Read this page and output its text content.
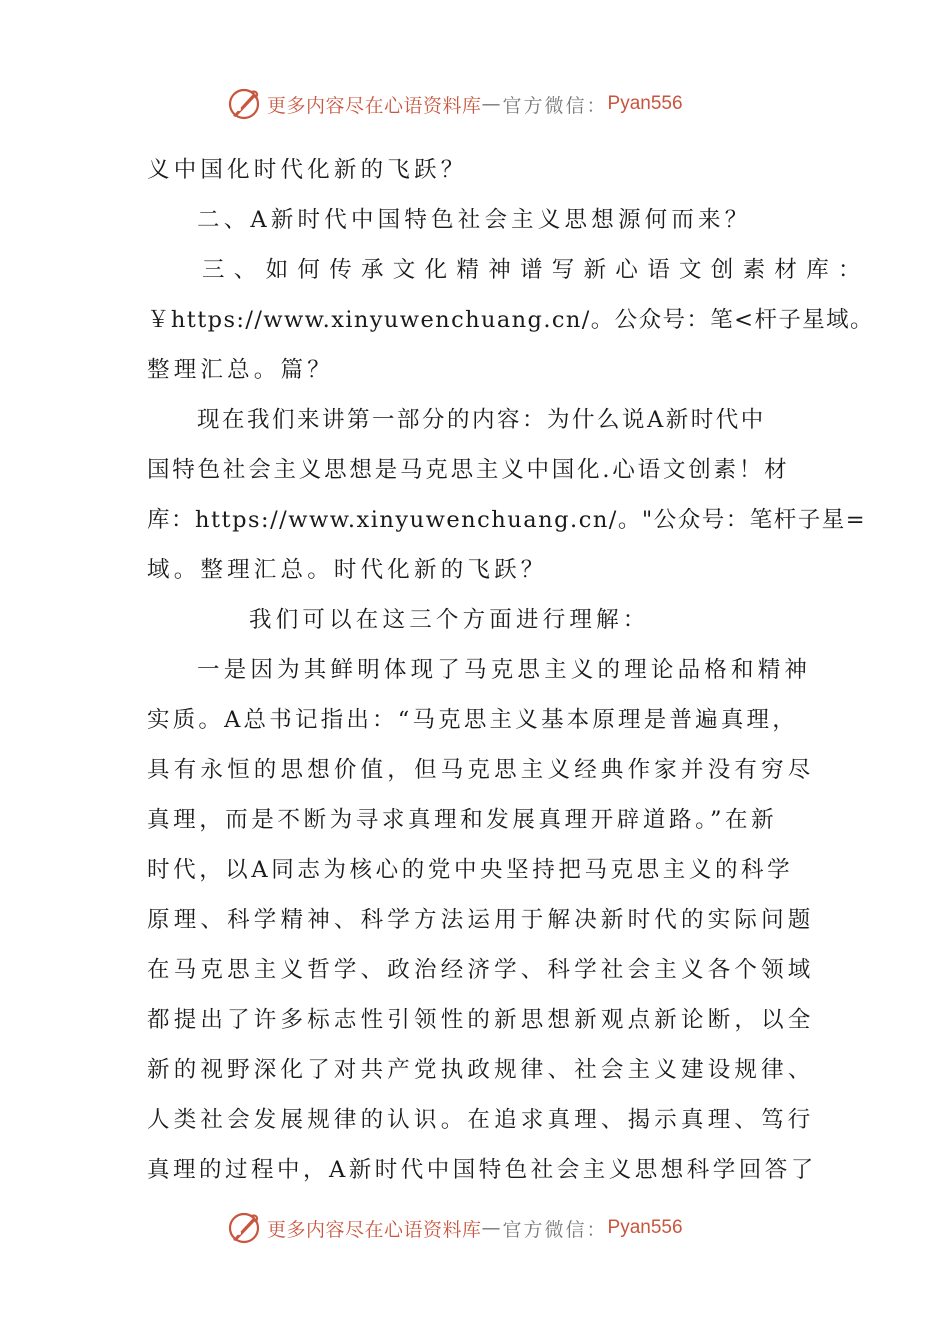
更多内容尽在心语资料库 — 官方微信： Pyan556
义中国化时代化新的飞跃？
二、A新时代中国特色社会主义思想源何而来？
三、如何传承文化精神谱写新心语文创素材库：
￥https://www.xinyuwenchuang.cn/。公众号：笔<杆子星域。
整理汇总。篇？
现在我们来讲第一部分的内容：为什么说A新时代中
国特色社会主义思想是马克思主义中国化.心语文创素！材
库：https://www.xinyuwenchuang.cn/。"公众号：笔杆子星=
域。整理汇总。时代化新的飞跃？
我们可以在这三个方面进行理解：
一是因为其鲜明体现了马克思主义的理论品格和精神
实质。A总书记指出：“马克思主义基本原理是普遍真理，
具有永恒的思想价值，但马克思主义经典作家并没有穷尽
真理，而是不断为寻求真理和发展真理开辟道路。”在新
时代，以A同志为核心的党中央坚持把马克思主义的科学
原理、科学精神、科学方法运用于解决新时代的实际问题
在马克思主义哲学、政治经济学、科学社会主义各个领域
都提出了许多标志性引领性的新思想新观点新论断，以全
新的视野深化了对共产党执政规律、社会主义建设规律、
人类社会发展规律的认识。在追求真理、揭示真理、笃行
真理的过程中，A新时代中国特色社会主义思想科学回答了
更多内容尽在心语资料库 — 官方微信： Pyan556
